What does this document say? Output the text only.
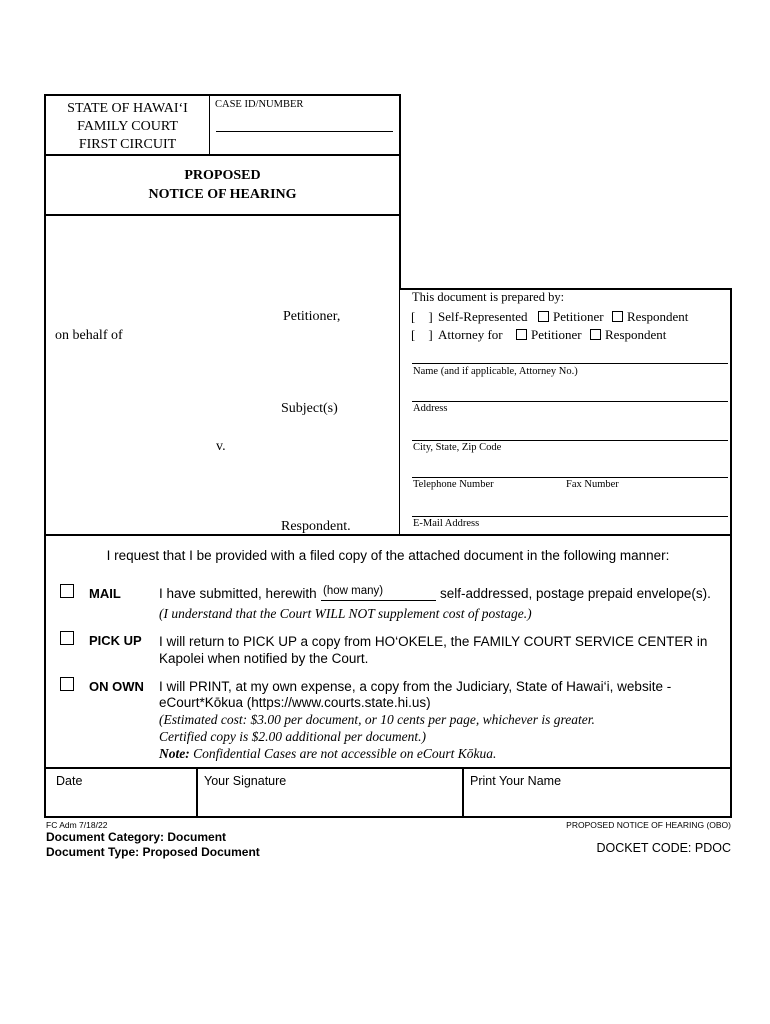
STATE OF HAWAI‘I
FAMILY COURT
FIRST CIRCUIT
CASE ID/NUMBER
PROPOSED
NOTICE OF HEARING
Petitioner,
on behalf of
Subject(s)
v.
Respondent.
This document is prepared by:
[    ] Self-Represented Petitioner Respondent
[    ] Attorney for Petitioner Respondent
Name (and if applicable, Attorney No.)
Address
City, State, Zip Code
Telephone Number	Fax Number
E-Mail Address
I request that I be provided with a filed copy of the attached document in the following manner:
MAIL	I have submitted, herewith (how many)	self-addressed, postage prepaid envelope(s).
(I understand that the Court WILL NOT supplement cost of postage.)
PICK UP I will return to PICK UP a copy from HO‘OKELE, the FAMILY COURT SERVICE CENTER in
Kapolei when notified by the Court.
ON OWN I will PRINT, at my own expense, a copy from the Judiciary, State of Hawai‘i, website -
eCourt*Kōkua (https://www.courts.state.hi.us)
(Estimated cost: $3.00 per document, or 10 cents per page, whichever is greater.
Certified copy is $2.00 additional per document.)
Note: Confidential Cases are not accessible on eCourt Kōkua.
Date	Your Signature	Print Your Name
FC Adm 7/18/22
Document Category: Document
Document Type: Proposed Document
PROPOSED NOTICE OF HEARING (OBO)
DOCKET CODE: PDOC
